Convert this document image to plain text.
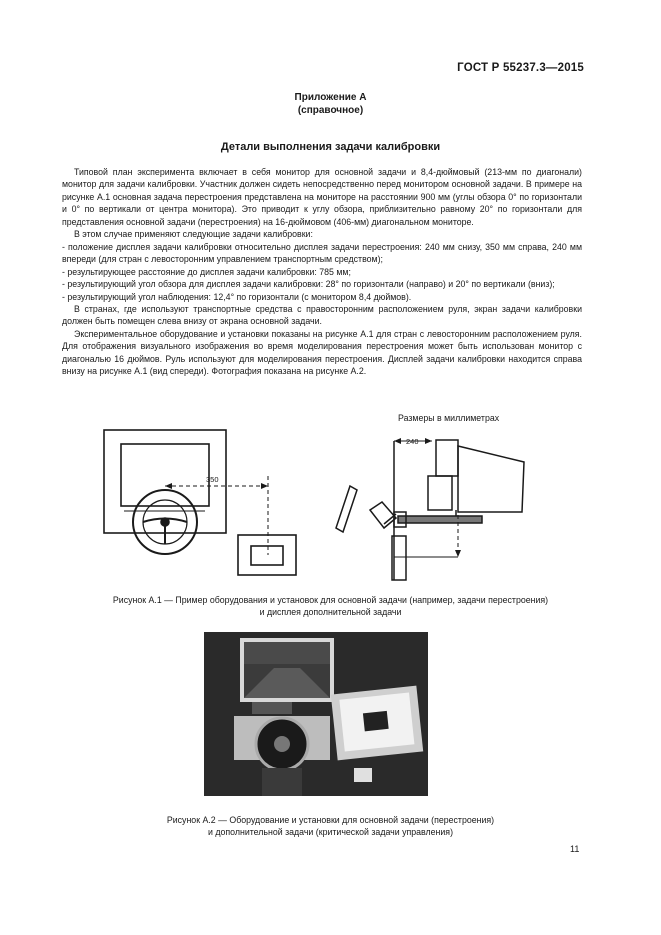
ГОСТ Р 55237.3—2015
Приложение А
(справочное)
Детали выполнения задачи калибровки

Типовой план эксперимента включает в себя монитор для основной задачи и 8,4-дюймовый (213-мм по диагонали) монитор для задачи калибровки. Участник должен сидеть непосредственно перед монитором основной задачи. В примере на рисунке А.1 основная задача перестроения представлена на мониторе на расстоянии 900 мм (углы обзора 0° по горизонтали и 0° по вертикали от центра монитора). Это приводит к углу обзора, приблизительно равному 20° по горизонтали для представления основной задачи (перестроения) на 16-дюймовом (406-мм) диагональном мониторе.

В этом случае применяют следующие задачи калибровки:

- положение дисплея задачи калибровки относительно дисплея задачи перестроения: 240 мм снизу, 350 мм справа, 240 мм впереди (для стран с левосторонним управлением транспортным средством);

- результирующее расстояние до дисплея задачи калибровки: 785 мм;

- результирующий угол обзора для дисплея задачи калибровки: 28° по горизонтали (направо) и 20° по вертикали (вниз);

- результирующий угол наблюдения: 12,4° по горизонтали (с монитором 8,4 дюймов).

В странах, где используют транспортные средства с правосторонним расположением руля, экран задачи калибровки должен быть помещен слева внизу от экрана основной задачи.

Экспериментальное оборудование и установки показаны на рисунке А.1 для стран с левосторонним расположением руля. Для отображения визуального изображения во время моделирования перестроения может быть использован монитор с диагональю 16 дюймов. Руль используют для моделирования перестроения. Дисплей задачи калибровки находится справа внизу на рисунке А.1 (вид спереди). Фотография показана на рисунке А.2.

Размеры в миллиметрах
350
240
Рисунок А.1 — Пример оборудования и установок для основной задачи (например, задачи перестроения)
и дисплея дополнительной задачи
Рисунок А.2 — Оборудование и установки для основной задачи (перестроения)
и дополнительной задачи (критической задачи управления)
11
